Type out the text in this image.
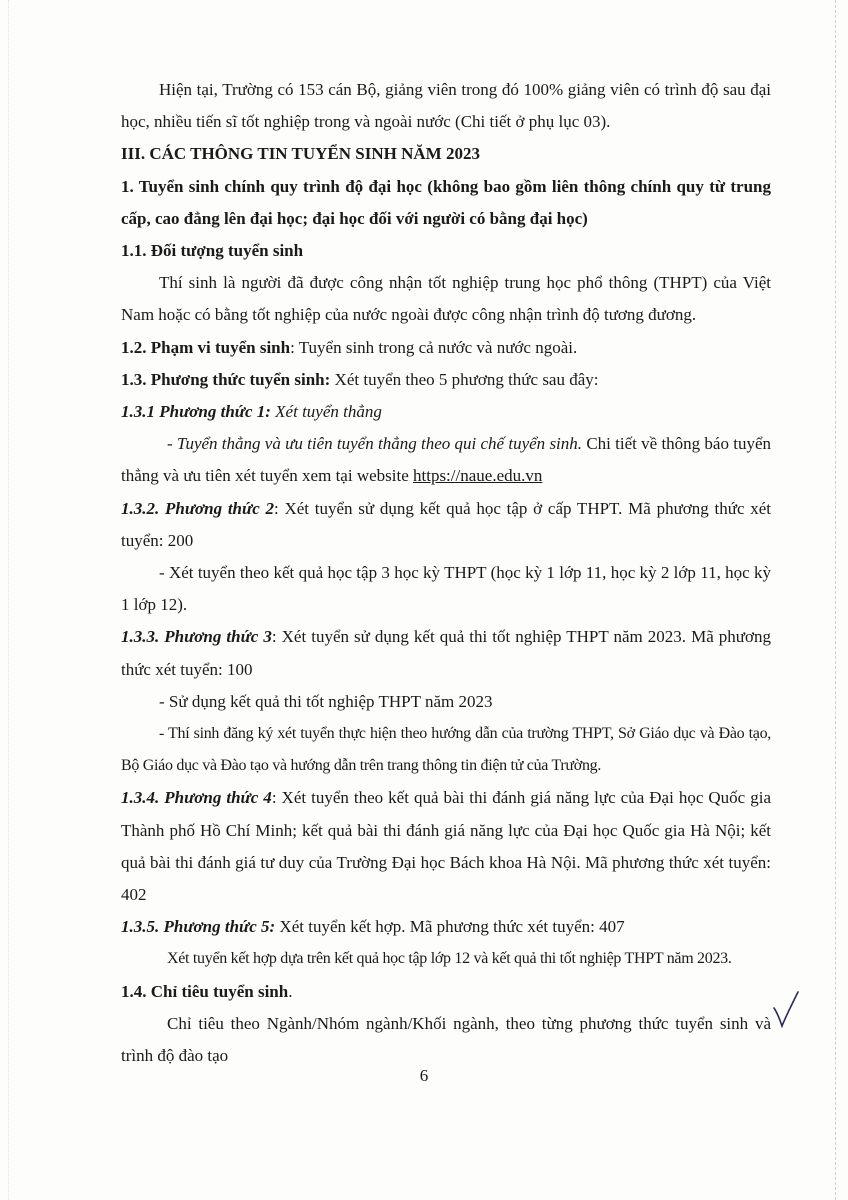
Hiện tại, Trường có 153 cán Bộ, giảng viên trong đó 100% giảng viên có trình độ sau đại học, nhiều tiến sĩ tốt nghiệp trong và ngoài nước (Chi tiết ở phụ lục 03).

III. CÁC THÔNG TIN TUYỂN SINH NĂM 2023

1. Tuyển sinh chính quy trình độ đại học (không bao gồm liên thông chính quy từ trung cấp, cao đẳng lên đại học; đại học đối với người có bằng đại học)

1.1. Đối tượng tuyển sinh

Thí sinh là người đã được công nhận tốt nghiệp trung học phổ thông (THPT) của Việt Nam hoặc có bằng tốt nghiệp của nước ngoài được công nhận trình độ tương đương.

1.2. Phạm vi tuyển sinh: Tuyển sinh trong cả nước và nước ngoài.

1.3. Phương thức tuyển sinh: Xét tuyển theo 5 phương thức sau đây:

1.3.1 Phương thức 1: Xét tuyển thẳng

- Tuyển thẳng và ưu tiên tuyển thẳng theo qui chế tuyển sinh. Chi tiết về thông báo tuyển thẳng và ưu tiên xét tuyển xem tại website https://naue.edu.vn

1.3.2. Phương thức 2: Xét tuyển sử dụng kết quả học tập ở cấp THPT. Mã phương thức xét tuyển: 200

- Xét tuyển theo kết quả học tập 3 học kỳ THPT (học kỳ 1 lớp 11, học kỳ 2 lớp 11, học kỳ 1 lớp 12).

1.3.3. Phương thức 3: Xét tuyển sử dụng kết quả thi tốt nghiệp THPT năm 2023. Mã phương thức xét tuyển: 100

- Sử dụng kết quả thi tốt nghiệp THPT năm 2023

- Thí sinh đăng ký xét tuyển thực hiện theo hướng dẫn của trường THPT, Sở Giáo dục và Đào tạo, Bộ Giáo dục và Đào tạo và hướng dẫn trên trang thông tin điện tử của Trường.

1.3.4. Phương thức 4: Xét tuyển theo kết quả bài thi đánh giá năng lực của Đại học Quốc gia Thành phố Hồ Chí Minh; kết quả bài thi đánh giá năng lực của Đại học Quốc gia Hà Nội; kết quả bài thi đánh giá tư duy của Trường Đại học Bách khoa Hà Nội. Mã phương thức xét tuyển: 402

1.3.5. Phương thức 5: Xét tuyển kết hợp. Mã phương thức xét tuyển: 407

Xét tuyển kết hợp dựa trên kết quả học tập lớp 12 và kết quả thi tốt nghiệp THPT năm 2023.

1.4. Chỉ tiêu tuyển sinh.

Chỉ tiêu theo Ngành/Nhóm ngành/Khối ngành, theo từng phương thức tuyển sinh và trình độ đào tạo

6
